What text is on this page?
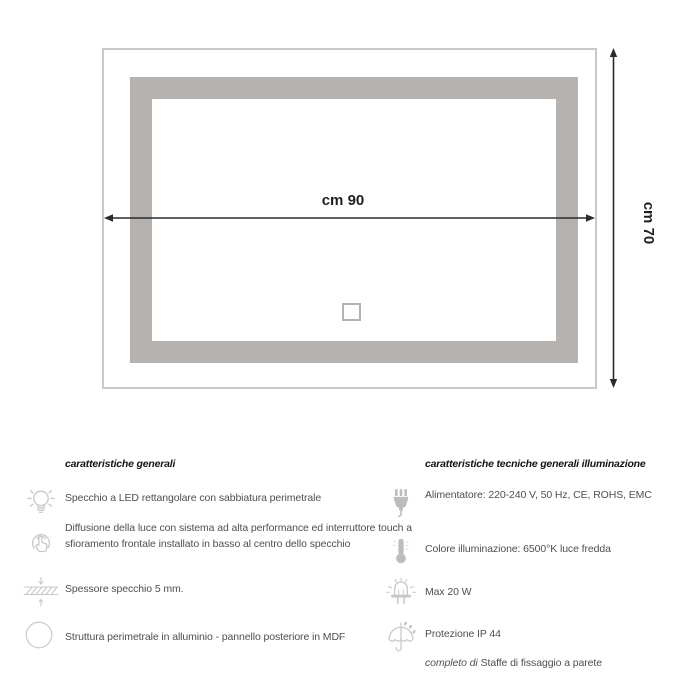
cm 90
cm 70
caratteristiche generali
Specchio a LED rettangolare con sabbiatura perimetrale
Diffusione della luce con sistema ad alta performance ed interruttore touch a sfioramento frontale installato in basso al centro dello specchio
Spessore specchio 5 mm.
Struttura perimetrale in alluminio - pannello posteriore in MDF
caratteristiche tecniche generali illuminazione
Alimentatore: 220-240 V, 50 Hz, CE, ROHS, EMC
Colore illuminazione: 6500°K luce fredda
Max 20 W
Protezione IP 44
completo di Staffe di fissaggio a parete
